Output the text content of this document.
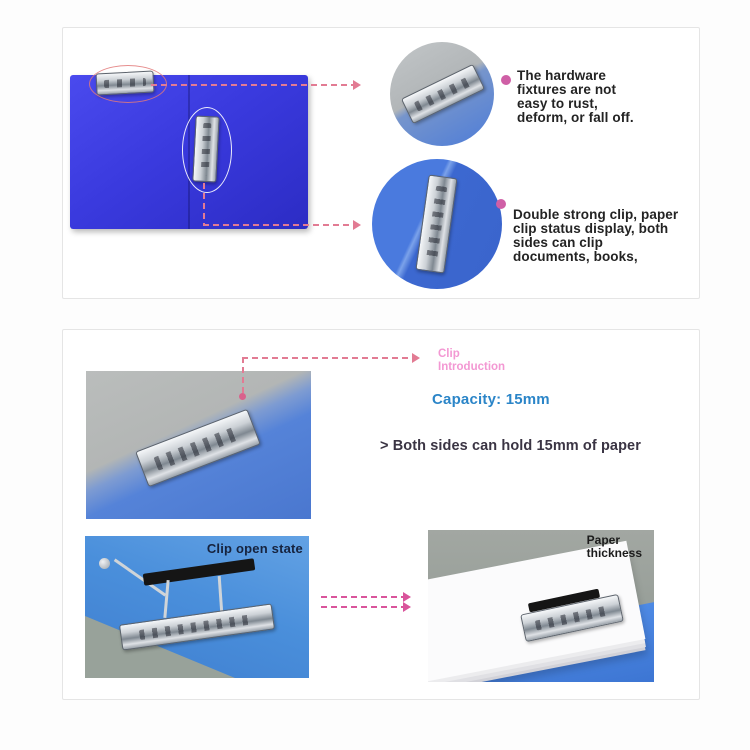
The hardware
fixtures are not
easy to rust,
deform, or fall off.
Double strong clip, paper
clip status display, both
sides can clip
documents, books,
Clip
Introduction
Capacity: 15mm
> Both sides can hold 15mm of paper
Clip open state
Paper
thickness
